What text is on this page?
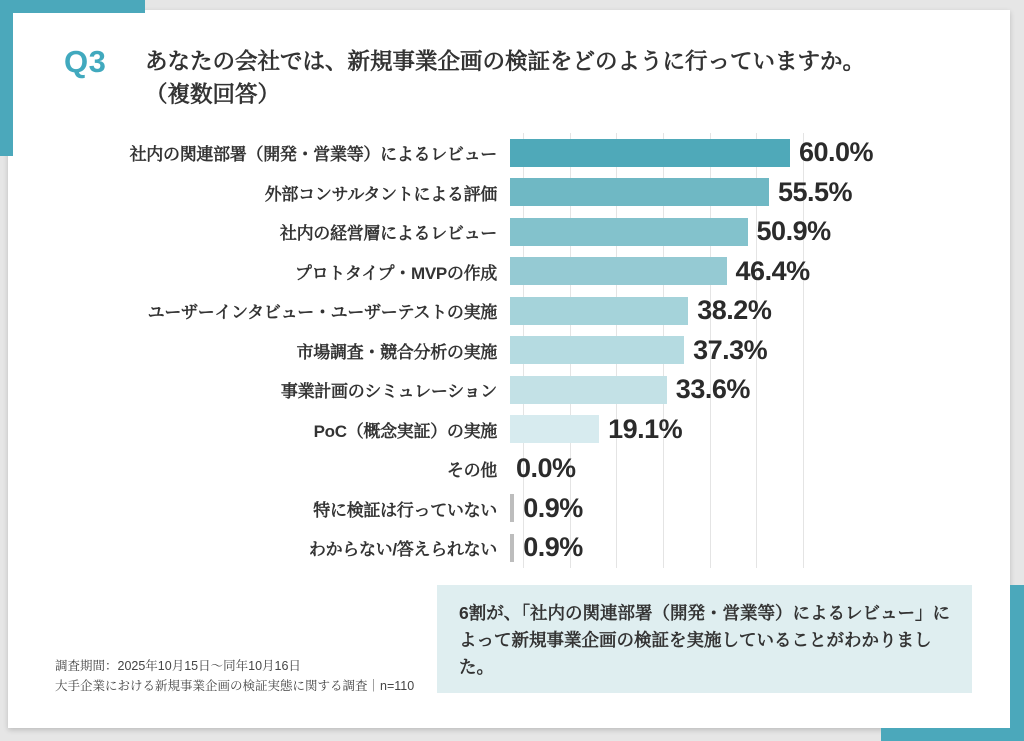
Q3 あなたの会社では、新規事業企画の検証をどのように行っていますか。
（複数回答）
社内の関連部署（開発・営業等）によるレビュー	60.0%
外部コンサルタントによる評価	55.5%
社内の経営層によるレビュー	50.9%
プロトタイプ・MVPの作成	46.4%
ユーザーインタビュー・ユーザーテストの実施	38.2%
市場調査・競合分析の実施	37.3%
事業計画のシミュレーション	33.6%
PoC（概念実証）の実施	19.1%
その他 0.0%
特に検証は行っていない 0.9%
わからない/答えられない 0.9%
6割が、「社内の関連部署（開発・営業等）によるレビュー」によって新規事業企画の検証を実施していることがわかりました。
調査期間：2025年10月15日〜同年10月16日
大手企業における新規事業企画の検証実態に関する調査｜n=110
